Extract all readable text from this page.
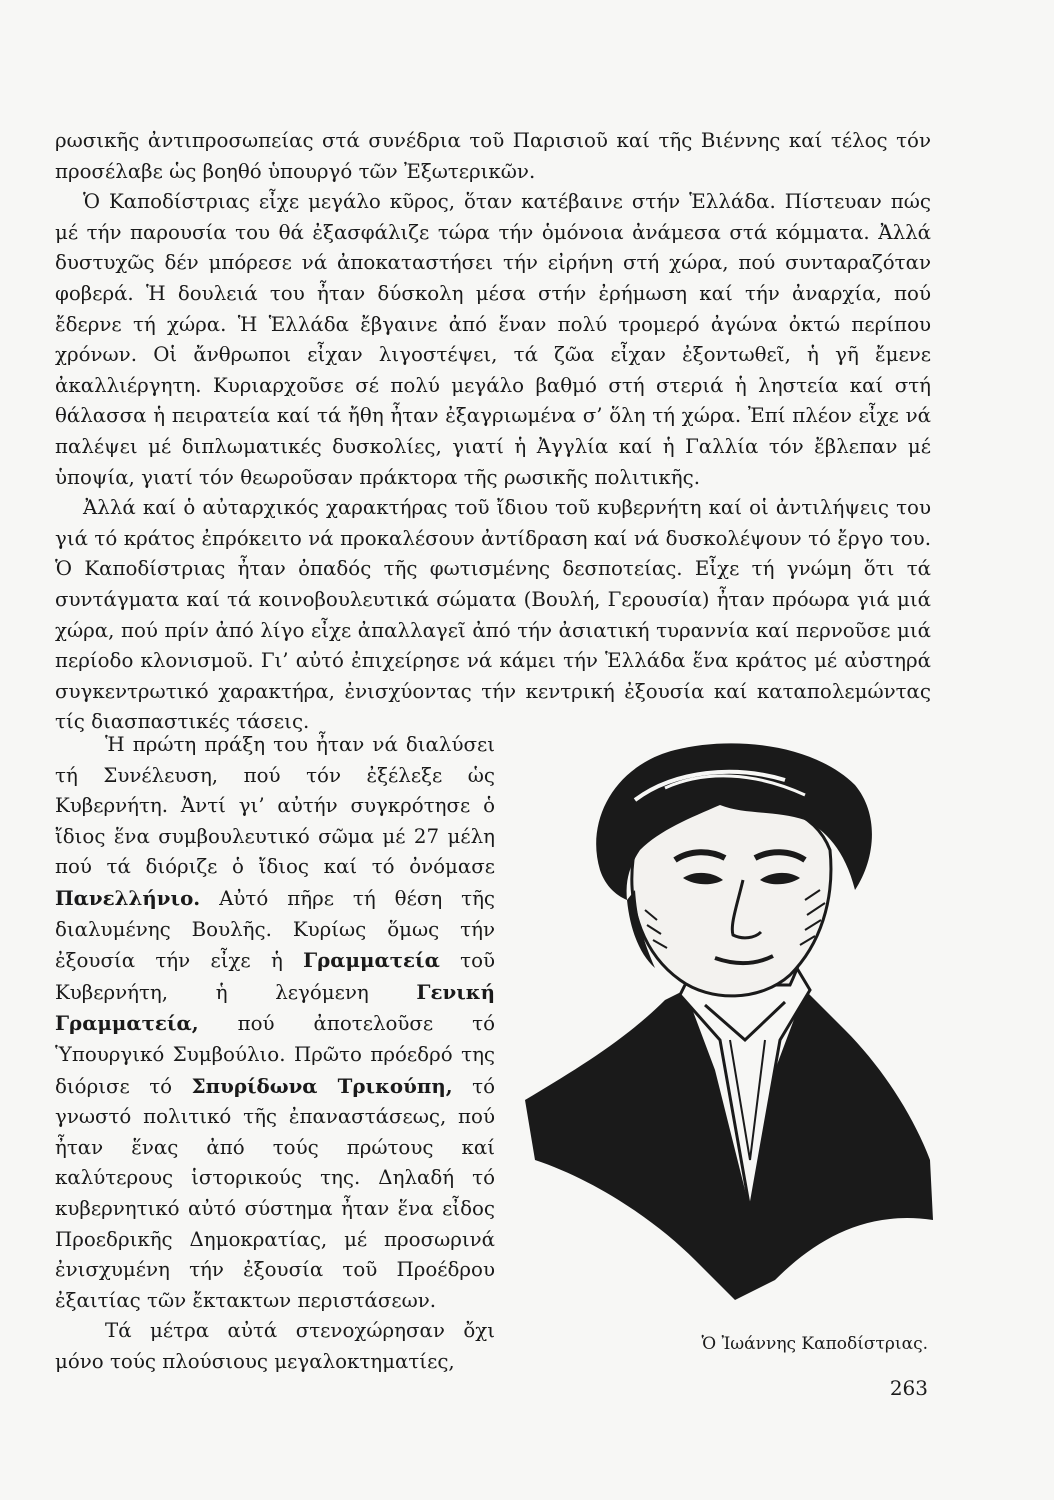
ρωσικῆς ἀντιπροσωπείας στά συνέδρια τοῦ Παρισιοῦ καί τῆς Βιέννης καί τέλος τόν προσέλαβε ὡς βοηθό ὑπουργό τῶν Ἐξωτερικῶν.

Ὁ Καποδίστριας εἶχε μεγάλο κῦρος, ὅταν κατέβαινε στήν Ἑλλάδα. Πίστευαν πώς μέ τήν παρουσία του θά ἐξασφάλιζε τώρα τήν ὁμόνοια ἀνάμεσα στά κόμματα. Ἀλλά δυστυχῶς δέν μπόρεσε νά ἀποκαταστήσει τήν εἰρήνη στή χώρα, πού συνταραζόταν φοβερά. Ἡ δουλειά του ἦταν δύσκολη μέσα στήν ἐρήμωση καί τήν ἀναρχία, πού ἔδερνε τή χώρα. Ἡ Ἑλλάδα ἔβγαινε ἀπό ἕναν πολύ τρομερό ἀγώνα ὀκτώ περίπου χρόνων. Οἱ ἄνθρωποι εἶχαν λιγοστέψει, τά ζῶα εἶχαν ἐξοντωθεῖ, ἡ γῆ ἔμενε ἀκαλλιέργητη. Κυριαρχοῦσε σέ πολύ μεγάλο βαθμό στή στεριά ἡ ληστεία καί στή θάλασσα ἡ πειρατεία καί τά ἤθη ἦταν ἐξαγριωμένα σ’ ὅλη τή χώρα. Ἐπί πλέον εἶχε νά παλέψει μέ διπλωματικές δυσκολίες, γιατί ἡ Ἀγγλία καί ἡ Γαλλία τόν ἔβλεπαν μέ ὑποψία, γιατί τόν θεωροῦσαν πράκτορα τῆς ρωσικῆς πολιτικῆς.

Ἀλλά καί ὁ αὐταρχικός χαρακτήρας τοῦ ἴδιου τοῦ κυβερνήτη καί οἱ ἀντιλήψεις του γιά τό κράτος ἐπρόκειτο νά προκαλέσουν ἀντίδραση καί νά δυσκολέψουν τό ἔργο του. Ὁ Καποδίστριας ἦταν ὀπαδός τῆς φωτισμένης δεσποτείας. Εἶχε τή γνώμη ὅτι τά συντάγματα καί τά κοινοβουλευτικά σώματα (Βουλή, Γερουσία) ἦταν πρόωρα γιά μιά χώρα, πού πρίν ἀπό λίγο εἶχε ἀπαλλαγεῖ ἀπό τήν ἀσιατική τυραννία καί περνοῦσε μιά περίοδο κλονισμοῦ. Γι’ αὐτό ἐπιχείρησε νά κάμει τήν Ἑλλάδα ἕνα κράτος μέ αὐστηρά συγκεντρωτικό χαρακτήρα, ἐνισχύοντας τήν κεντρική ἐξουσία καί καταπολεμώντας τίς διασπαστικές τάσεις.

Ἡ πρώτη πράξη του ἦταν νά διαλύσει τή Συνέλευση, πού τόν ἐξέλεξε ὡς Κυβερνήτη. Ἀντί γι’ αὐτήν συγκρότησε ὁ ἴδιος ἕνα συμβουλευτικό σῶμα μέ 27 μέλη πού τά διόριζε ὁ ἴδιος καί τό ὀνόμασε Πανελλήνιο. Αὐτό πῆρε τή θέση τῆς διαλυμένης Βουλῆς. Κυρίως ὅμως τήν ἐξουσία τήν εἶχε ἡ Γραμματεία τοῦ Κυβερνήτη, ἡ λεγόμενη Γενική Γραμματεία, πού ἀποτελοῦσε τό Ὑπουργικό Συμβούλιο. Πρῶτο πρόεδρό της διόρισε τό Σπυρίδωνα Τρικούπη, τό γνωστό πολιτικό τῆς ἐπαναστάσεως, πού ἦταν ἕνας ἀπό τούς πρώτους καί καλύτερους ἱστορικούς της. Δηλαδή τό κυβερνητικό αὐτό σύστημα ἦταν ἕνα εἶδος Προεδρικῆς Δημοκρατίας, μέ προσωρινά ἐνισχυμένη τήν ἐξουσία τοῦ Προέδρου ἐξαιτίας τῶν ἔκτακτων περιστάσεων.

Τά μέτρα αὐτά στενοχώρησαν ὄχι μόνο τούς πλούσιους μεγαλοκτηματίες,

Ὁ Ἰωάννης Καποδίστριας.
263
